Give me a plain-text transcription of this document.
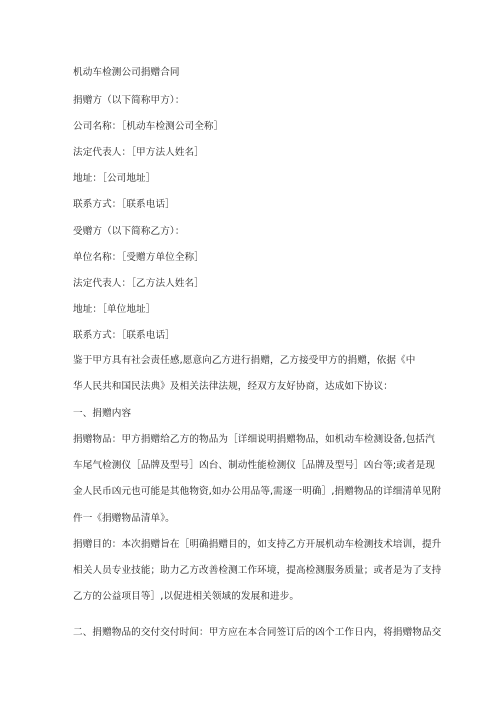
机动车检测公司捐赠合同
捐赠方（以下简称甲方）：
公司名称：［机动车检测公司全称］
法定代表人：［甲方法人姓名］
地址：［公司地址］
联系方式：［联系电话］
受赠方（以下简称乙方）：
单位名称：［受赠方单位全称］
法定代表人：［乙方法人姓名］
地址：［单位地址］
联系方式：［联系电话］
鉴于甲方具有社会责任感,愿意向乙方进行捐赠，乙方接受甲方的捐赠，依据《中
华人民共和国民法典》及相关法律法规，经双方友好协商，达成如下协议：
一、捐赠内容
捐赠物品：甲方捐赠给乙方的物品为［详细说明捐赠物品，如机动车检测设备,包括汽
车尾气检测仪［品牌及型号］凶台、制动性能检测仪［品牌及型号］凶台等;或者是现
金人民币凶元也可能是其他物资,如办公用品等,需逐一明确］,捐赠物品的详细清单见附
件一《捐赠物品清单》。
捐赠目的：本次捐赠旨在［明确捐赠目的，如支持乙方开展机动车检测技术培训，提升
相关人员专业技能；助力乙方改善检测工作环境，提高检测服务质量；或者是为了支持
乙方的公益项目等］,以促进相关领域的发展和进步。
二、捐赠物品的交付交付时间：甲方应在本合同签订后的凶个工作日内，将捐赠物品交
